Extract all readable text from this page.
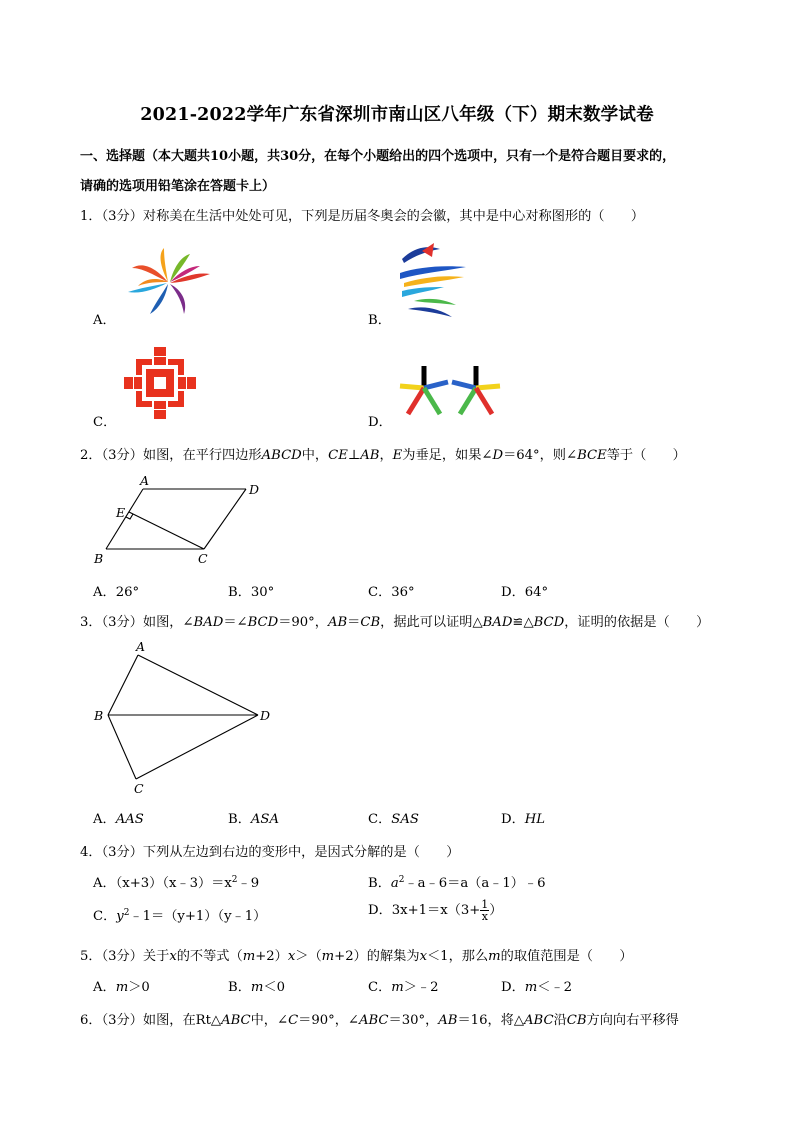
2021-2022学年广东省深圳市南山区八年级（下）期末数学试卷
一、选择题（本大题共10小题，共30分，在每个小题给出的四个选项中，只有一个是符合题目要求的，
请确的选项用铅笔涂在答题卡上）
1．（3分）对称美在生活中处处可见，下列是历届冬奥会的会徽，其中是中心对称图形的（　　）
A．	B．
C．	D．
2．（3分）如图，在平行四边形ABCD中，CE⊥AB，E为垂足，如果∠D＝64°，则∠BCE等于（　　）
A
D
E
B	C
A．26°	B．30°	C．36°	D．64°
3．（3分）如图，∠BAD＝∠BCD＝90°，AB＝CB，据此可以证明△BAD≌△BCD，证明的依据是（　　）
A
B	D
C
A．AAS	B．ASA	C．SAS	D．HL
4．（3分）下列从左边到右边的变形中，是因式分解的是（　　）
A．$(x+3)(x﹣3)=x^2﹣9$	B．$a^2﹣a﹣6=a(a﹣1)﹣6$
C．$y^2﹣1=(y+1)(y﹣1)$	D．$3x+1=x(3+ \frac{1}{x}$ ）
5．（3分）关于x的不等式（m+2）x＞（m+2）的解集为x＜1，那么m的取值范围是（　　）
A．m＞0	B．m＜0	C．m＞﹣2	D．m＜﹣2
6．（3分）如图，在Rt△ABC中，∠C＝90°，∠ABC＝30°，AB＝16，将△ABC沿CB方向向右平移得
